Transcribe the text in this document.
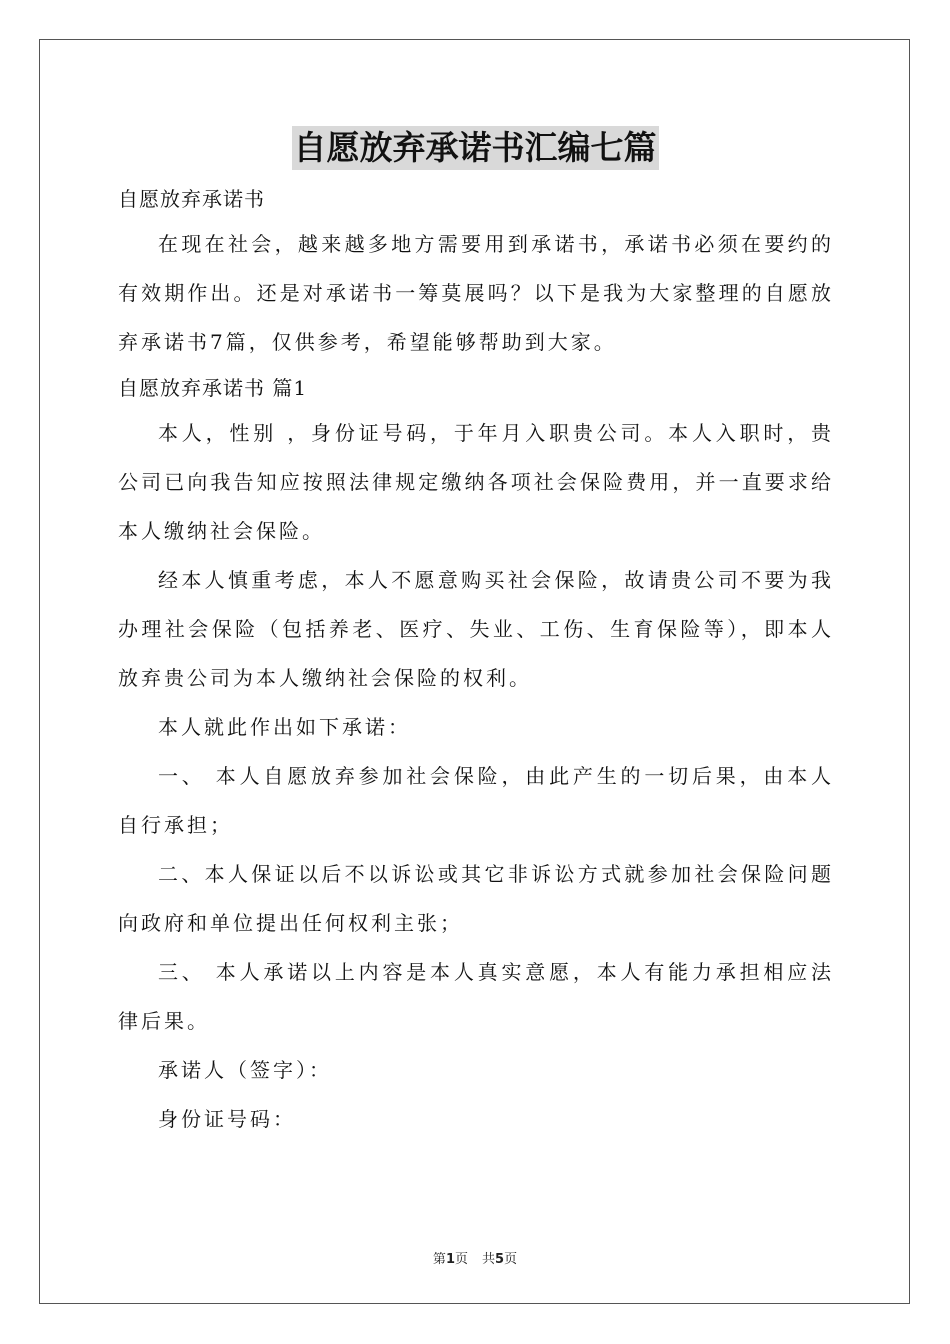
自愿放弃承诺书汇编七篇

自愿放弃承诺书

在现在社会，越来越多地方需要用到承诺书，承诺书必须在要约的有效期作出。还是对承诺书一筹莫展吗？以下是我为大家整理的自愿放弃承诺书7篇，仅供参考，希望能够帮助到大家。

自愿放弃承诺书 篇1

本人，性别 ，身份证号码，于年月入职贵公司。本人入职时，贵公司已向我告知应按照法律规定缴纳各项社会保险费用，并一直要求给本人缴纳社会保险。

经本人慎重考虑，本人不愿意购买社会保险，故请贵公司不要为我办理社会保险（包括养老、医疗、失业、工伤、生育保险等），即本人放弃贵公司为本人缴纳社会保险的权利。

本人就此作出如下承诺：

一、 本人自愿放弃参加社会保险，由此产生的一切后果，由本人自行承担；

二、本人保证以后不以诉讼或其它非诉讼方式就参加社会保险问题向政府和单位提出任何权利主张；

三、 本人承诺以上内容是本人真实意愿，本人有能力承担相应法律后果。

承诺人（签字）：

身份证号码：

第1页 共5页
